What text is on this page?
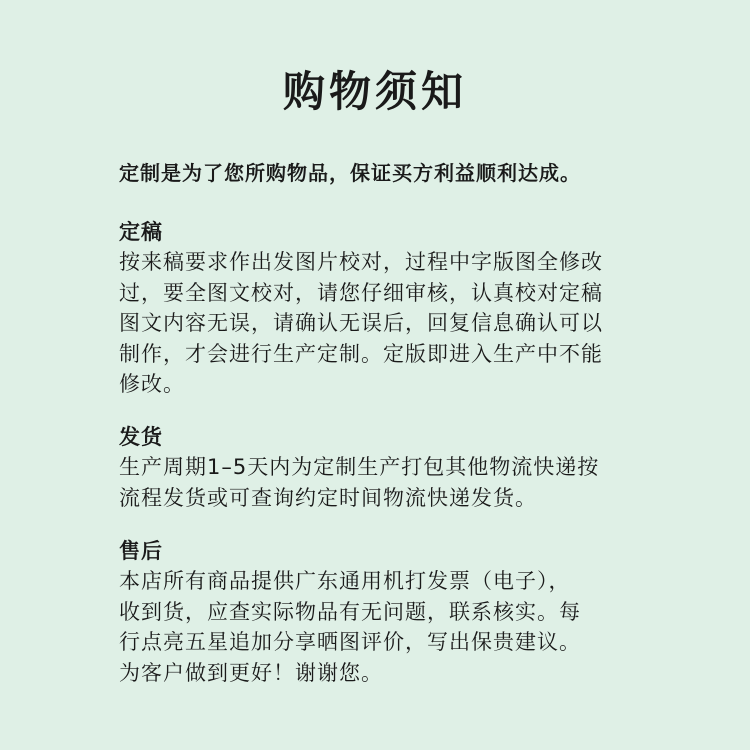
购物须知
定制是为了您所购物品，保证买方利益顺利达成。
定稿
按来稿要求作出发图片校对，过程中字版图全修改
过，要全图文校对，请您仔细审核，认真校对定稿
图文内容无误，请确认无误后，回复信息确认可以
制作，才会进行生产定制。定版即进入生产中不能
修改。
发货
生产周期1–5天内为定制生产打包其他物流快递按
流程发货或可查询约定时间物流快递发货。
售后
本店所有商品提供广东通用机打发票（电子），
收到货，应查实际物品有无问题，联系核实。每
行点亮五星追加分享晒图评价，写出保贵建议。
为客户做到更好！谢谢您。
